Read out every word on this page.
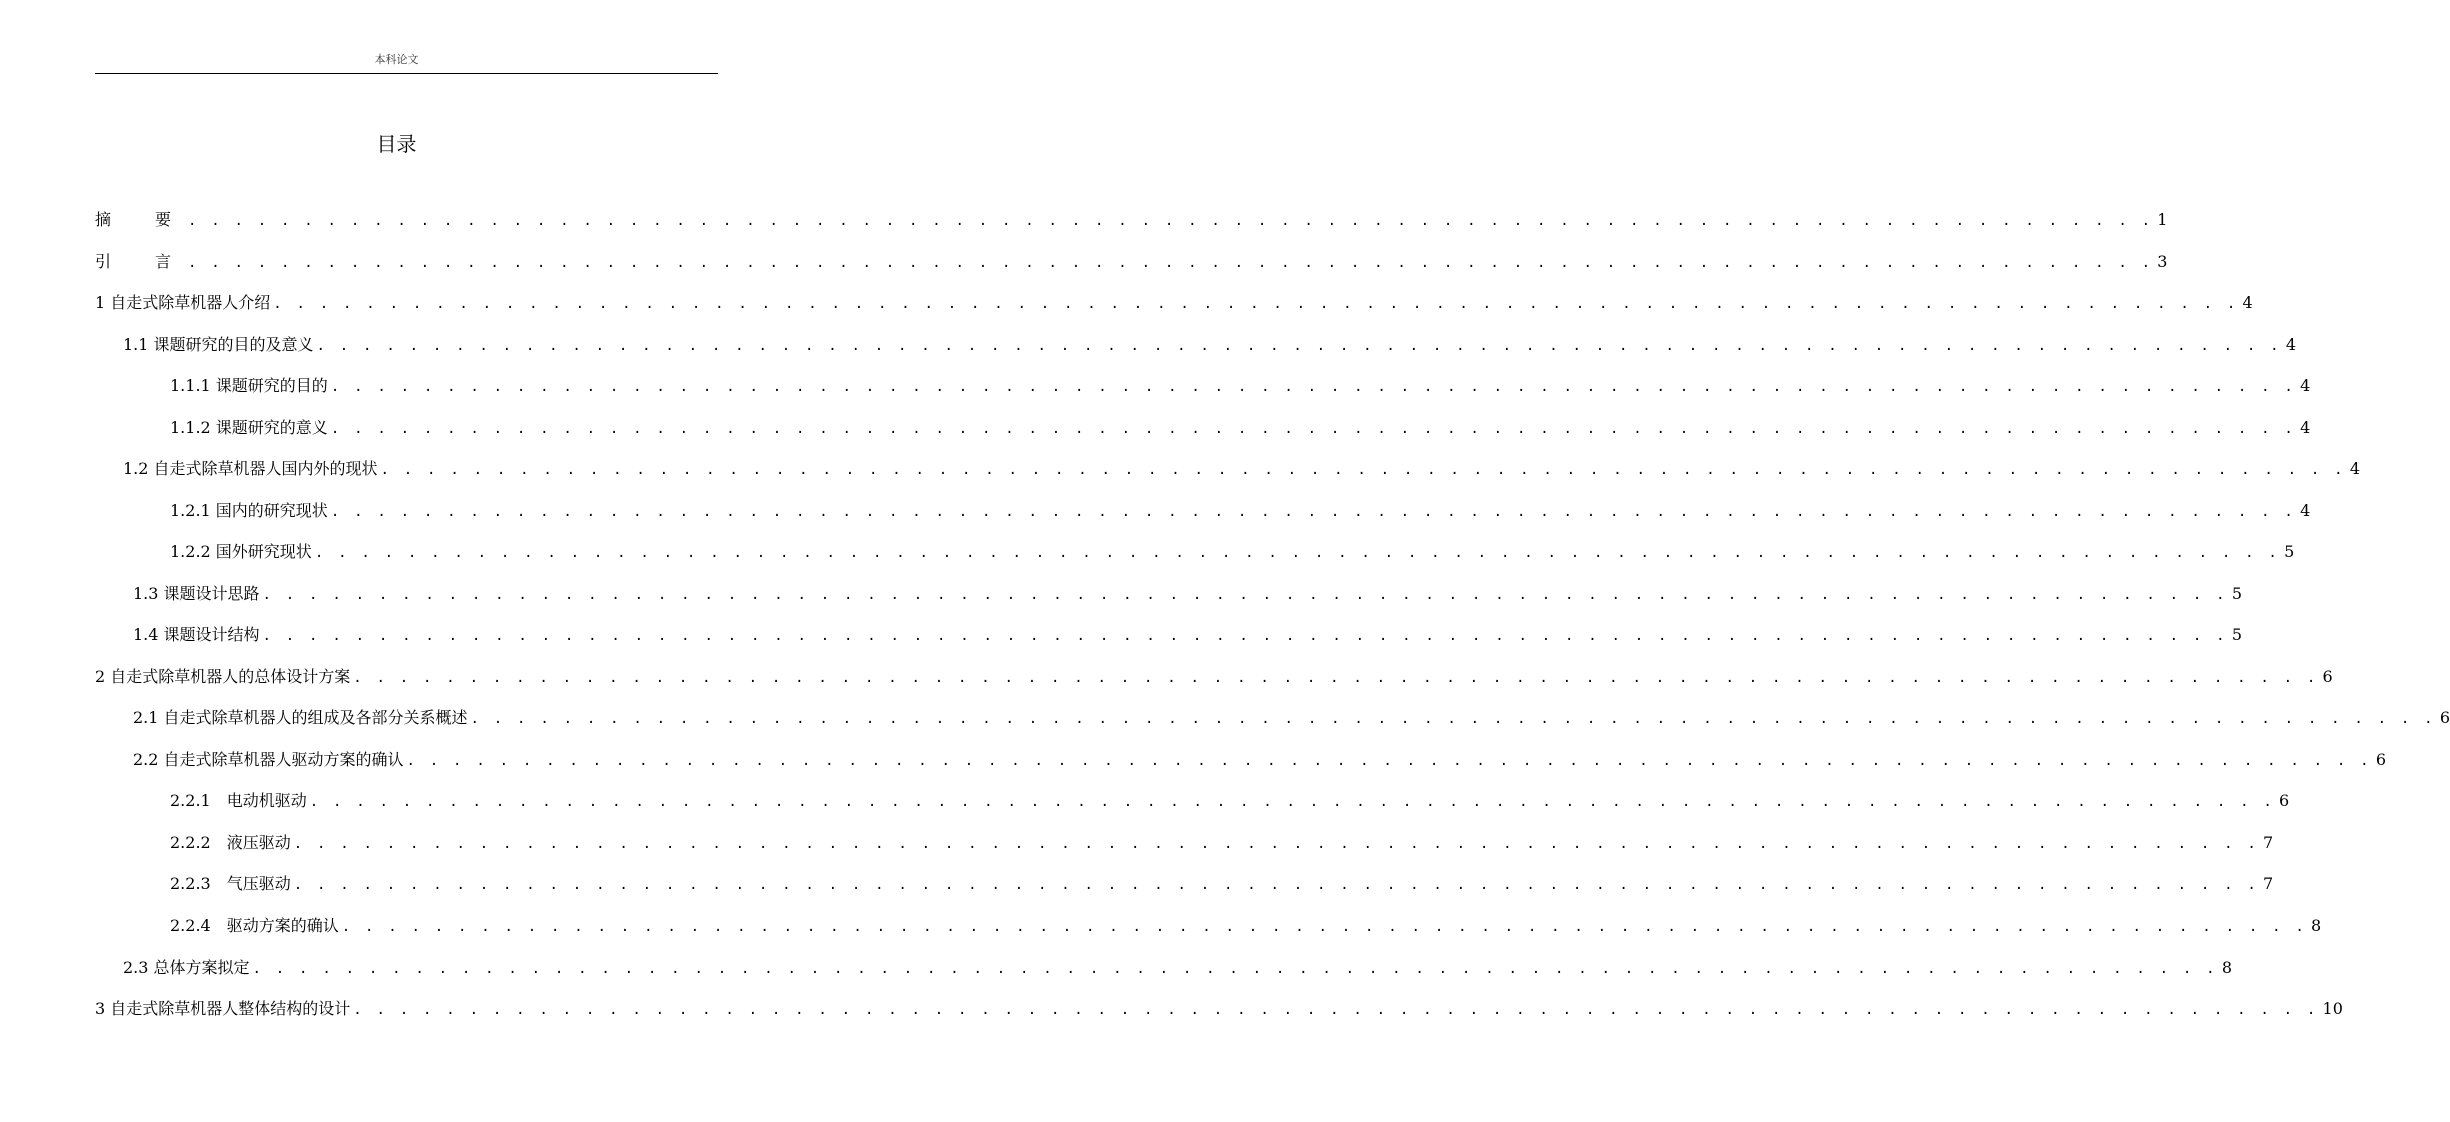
本科论文
目录
摘　要 . . . . . . . . . . . . . . . . . . . . . . . . . . . . . . . . . . . . . . . . . . . . . . . . . . . . . . . . . . . . . . . . . . . . . . . . . . . . . . . . . . . . . 1
引　言 . . . . . . . . . . . . . . . . . . . . . . . . . . . . . . . . . . . . . . . . . . . . . . . . . . . . . . . . . . . . . . . . . . . . . . . . . . . . . . . . . . . . . 3
1 自走式除草机器人介绍 . . . . . . . . . . . . . . . . . . . . . . . . . . . . . . . . . . . . . . . . . . . . . . . . . . . . . . . . . . . . . . . . . . . . . . . . . . . . . . . . . . . . . 4
1.1 课题研究的目的及意义 . . . . . . . . . . . . . . . . . . . . . . . . . . . . . . . . . . . . . . . . . . . . . . . . . . . . . . . . . . . . . . . . . . . . . . . . . . . . . . . . . . . . . 4
1.1.1 课题研究的目的 . . . . . . . . . . . . . . . . . . . . . . . . . . . . . . . . . . . . . . . . . . . . . . . . . . . . . . . . . . . . . . . . . . . . . . . . . . . . . . . . . . . . . 4
1.1.2 课题研究的意义 . . . . . . . . . . . . . . . . . . . . . . . . . . . . . . . . . . . . . . . . . . . . . . . . . . . . . . . . . . . . . . . . . . . . . . . . . . . . . . . . . . . . . 4
1.2 自走式除草机器人国内外的现状 . . . . . . . . . . . . . . . . . . . . . . . . . . . . . . . . . . . . . . . . . . . . . . . . . . . . . . . . . . . . . . . . . . . . . . . . . . . . . . . . . . . . . 4
1.2.1 国内的研究现状 . . . . . . . . . . . . . . . . . . . . . . . . . . . . . . . . . . . . . . . . . . . . . . . . . . . . . . . . . . . . . . . . . . . . . . . . . . . . . . . . . . . . . 4
1.2.2 国外研究现状 . . . . . . . . . . . . . . . . . . . . . . . . . . . . . . . . . . . . . . . . . . . . . . . . . . . . . . . . . . . . . . . . . . . . . . . . . . . . . . . . . . . . . 5
1.3 课题设计思路 . . . . . . . . . . . . . . . . . . . . . . . . . . . . . . . . . . . . . . . . . . . . . . . . . . . . . . . . . . . . . . . . . . . . . . . . . . . . . . . . . . . . . 5
1.4 课题设计结构 . . . . . . . . . . . . . . . . . . . . . . . . . . . . . . . . . . . . . . . . . . . . . . . . . . . . . . . . . . . . . . . . . . . . . . . . . . . . . . . . . . . . . 5
2 自走式除草机器人的总体设计方案 . . . . . . . . . . . . . . . . . . . . . . . . . . . . . . . . . . . . . . . . . . . . . . . . . . . . . . . . . . . . . . . . . . . . . . . . . . . . . . . . . . . . . 6
2.1 自走式除草机器人的组成及各部分关系概述 . . . . . . . . . . . . . . . . . . . . . . . . . . . . . . . . . . . . . . . . . . . . . . . . . . . . . . . . . . . . . . . . . . . . . . . . . . . . . . . . . . . . . 6
2.2 自走式除草机器人驱动方案的确认 . . . . . . . . . . . . . . . . . . . . . . . . . . . . . . . . . . . . . . . . . . . . . . . . . . . . . . . . . . . . . . . . . . . . . . . . . . . . . . . . . . . . . 6
2.2.1　电动机驱动 . . . . . . . . . . . . . . . . . . . . . . . . . . . . . . . . . . . . . . . . . . . . . . . . . . . . . . . . . . . . . . . . . . . . . . . . . . . . . . . . . . . . . 6
2.2.2　液压驱动 . . . . . . . . . . . . . . . . . . . . . . . . . . . . . . . . . . . . . . . . . . . . . . . . . . . . . . . . . . . . . . . . . . . . . . . . . . . . . . . . . . . . . 7
2.2.3　气压驱动 . . . . . . . . . . . . . . . . . . . . . . . . . . . . . . . . . . . . . . . . . . . . . . . . . . . . . . . . . . . . . . . . . . . . . . . . . . . . . . . . . . . . . 7
2.2.4　驱动方案的确认 . . . . . . . . . . . . . . . . . . . . . . . . . . . . . . . . . . . . . . . . . . . . . . . . . . . . . . . . . . . . . . . . . . . . . . . . . . . . . . . . . . . . . 8
2.3 总体方案拟定 . . . . . . . . . . . . . . . . . . . . . . . . . . . . . . . . . . . . . . . . . . . . . . . . . . . . . . . . . . . . . . . . . . . . . . . . . . . . . . . . . . . . . 8
3 自走式除草机器人整体结构的设计 . . . . . . . . . . . . . . . . . . . . . . . . . . . . . . . . . . . . . . . . . . . . . . . . . . . . . . . . . . . . . . . . . . . . . . . . . . . . . . . . . . . . . 10
